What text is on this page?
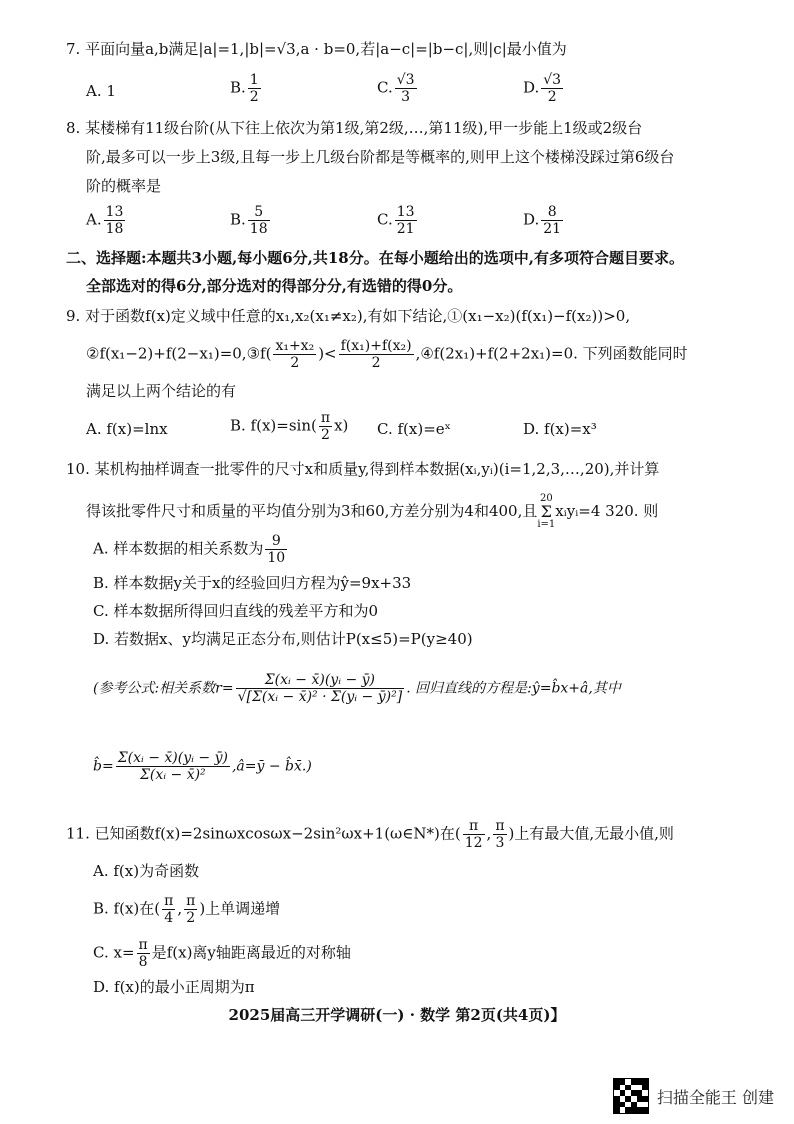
7. 平面向量a,b满足|a|=1,|b|=√3,a · b=0,若|a−c|=|b−c|,则|c|最小值为
A. 1	B. $\frac{1}{2}$	C. $\frac{√3}{3}$	D. $\frac{√3}{2}$
8. 某楼梯有11级台阶(从下往上依次为第1级,第2级,…,第11级),甲一步能上1级或2级台
阶,最多可以一步上3级,且每一步上几级台阶都是等概率的,则甲上这个楼梯没踩过第6级台
阶的概率是
A. $\frac{13}{18}$	B. $\frac{5}{18}$	C. $\frac{13}{21}$	D. $\frac{8}{21}$
二、选择题:本题共3小题,每小题6分,共18分。在每小题给出的选项中,有多项符合题目要求。
全部选对的得6分,部分选对的得部分分,有选错的得0分。
9. 对于函数f(x)定义域中任意的x₁,x₂(x₁≠x₂),有如下结论,①(x₁−x₂)(f(x₁)−f(x₂))>0,
②f(x₁−2)+f(2−x₁)=0,③f( $\frac{\text{x₁+x₂}}{2}$ )< $\frac{\text{f(x₁)+f(x₂)}}{2}$ ,④f(2x₁)+f(2+2x₁)=0. 下列函数能同时
满足以上两个结论的有
A. f(x)=lnx	B. $f(x)=\sin( \frac{\pi}{2} x)$ C. f(x)=eˣ	D. f(x)=x³
10. 某机构抽样调查一批零件的尺寸x和质量y,得到样本数据(xᵢ,yᵢ)(i=1,2,3,…,20),并计算
得该批零件尺寸和质量的平均值分别为3和60,方差分别为4和400,且20
Σ
i=1xᵢyᵢ=4 320. 则
A. 样本数据的相关系数为 $\frac{9}{10}$
B. 样本数据y关于x的经验回归方程为ŷ=9x+33
C. 样本数据所得回归直线的残差平方和为0
D. 若数据x、y均满足正态分布,则估计P(x≤5)=P(y≥40)
(参考公式:相关系数$r= \frac{\text{Σ(xᵢ − x̄)(yᵢ − ȳ)}}{\text{√[Σ(xᵢ − x̄)² · Σ(yᵢ − ȳ)²]}}$ . 回归直线的方程是:ŷ=b̂x+â,其中
b̂= $\frac{\text{Σ(xᵢ − x̄)(yᵢ − ȳ)}}{\text{Σ(xᵢ − x̄)²}}$ ,â=ȳ − b̂x̄.)
11. 已知函数f(x)=2sinωxcosωx−2sin²ωx+1(ω∈N*)在( $\frac{\pi}{12}$ , $\frac{\pi}{3}$ )上有最大值,无最小值,则
A. f(x)为奇函数
B. f(x)在( $\frac{\pi}{4}$ , $\frac{\pi}{2}$ )上单调递增
C. $x= \frac{\pi}{8}$ 是f(x)离y轴距离最近的对称轴
D. f(x)的最小正周期为π
2025届高三开学调研(一) · 数学 第2页(共4页)】
扫描全能王 创建
